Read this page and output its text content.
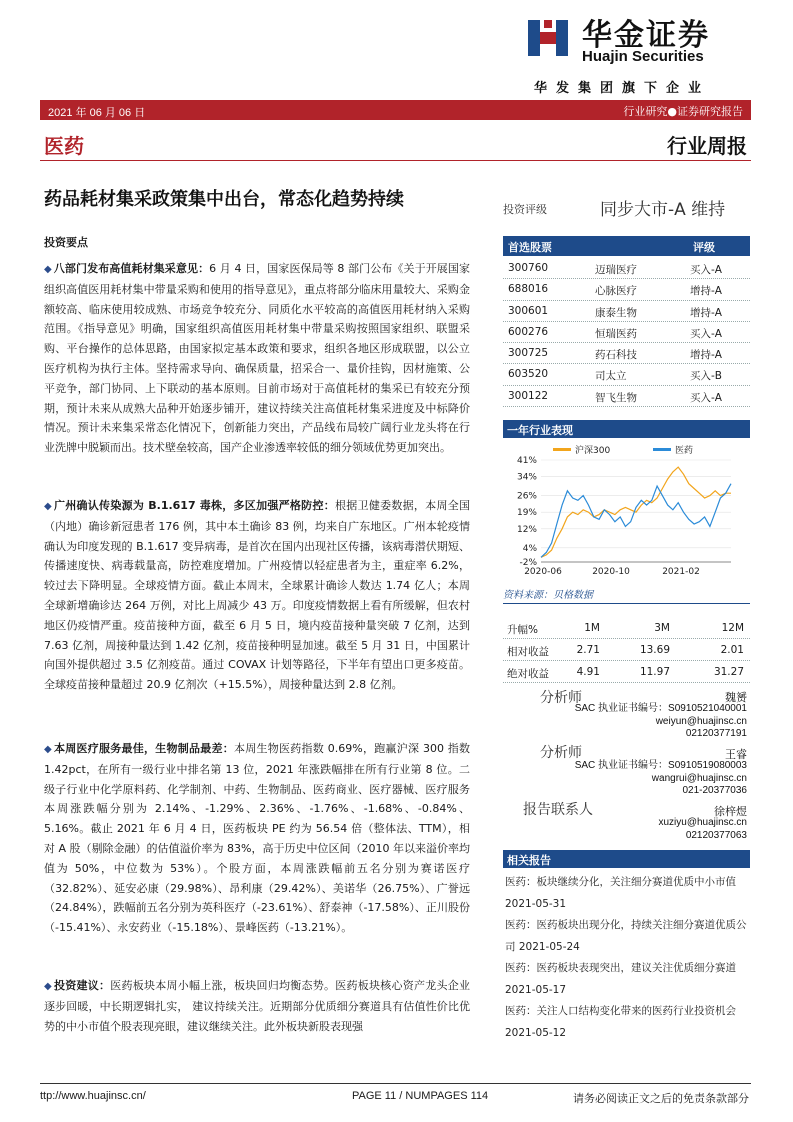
华金证券
Huajin Securities
华发集团旗下企业
2021 年 06 月 06 日	行业研究●证券研究报告
医药	行业周报
药品耗材集采政策集中出台，常态化趋势持续	投资评级	同步大市-A 维持
投资要点
◆ 八部门发布高值耗材集采意见：6 月 4 日，国家医保局等 8 部门公布《关于开展国家组织高值医用耗材集中带量采购和使用的指导意见》，重点将部分临床用量较大、采购金额较高、临床使用较成熟、市场竞争较充分、同质化水平较高的高值医用耗材纳入采购范围。《指导意见》明确，国家组织高值医用耗材集中带量采购按照国家组织、联盟采购、平台操作的总体思路，由国家拟定基本政策和要求，组织各地区形成联盟，以公立医疗机构为执行主体。坚持需求导向、确保质量，招采合一、量价挂钩，因材施策、公平竞争，部门协同、上下联动的基本原则。目前市场对于高值耗材的集采已有较充分预期，预计未来从成熟大品种开始逐步铺开，建议持续关注高值耗材集采进度及中标降价情况。预计未来集采常态化情况下，创新能力突出，产品线布局较广阔行业龙头将在行业洗牌中脱颖而出。技术壁垒较高，国产企业渗透率较低的细分领域优势更加突出。
◆ 广州确认传染源为 B.1.617 毒株，多区加强严格防控：根据卫健委数据，本周全国（内地）确诊新冠患者 176 例，其中本土确诊 83 例，均来自广东地区。广州本轮疫情确认为印度发现的 B.1.617 变异病毒，是首次在国内出现社区传播，该病毒潜伏期短、传播速度快、病毒载量高，防控难度增加。广州疫情以轻症患者为主，重症率 6.2%，较过去下降明显。全球疫情方面。截止本周末，全球累计确诊人数达 1.74 亿人；本周全球新增确诊达 264 万例，对比上周减少 43 万。印度疫情数据上看有所缓解，但农村地区仍疫情严重。疫苗接种方面，截至 6 月 5 日，境内疫苗接种量突破 7 亿剂，达到 7.63 亿剂，周接种量达到 1.42 亿剂，疫苗接种明显加速。截至 5 月 31 日，中国累计向国外提供超过 3.5 亿剂疫苗。通过 COVAX 计划等路径，下半年有望出口更多疫苗。全球疫苗接种量超过 20.9 亿剂次（+15.5%），周接种量达到 2.8 亿剂。
◆ 本周医疗服务最佳，生物制品最差：本周生物医药指数 0.69%，跑赢沪深 300 指数 1.42pct，在所有一级行业中排名第 13 位，2021 年涨跌幅排在所有行业第 8 位。二级子行业中化学原料药、化学制剂、中药、生物制品、医药商业、医疗器械、医疗服务本周涨跌幅分别为 2.14%、-1.29%、2.36%、-1.76%、-1.68%、-0.84%、5.16%。截止 2021 年 6 月 4 日，医药板块 PE 约为 56.54 倍（整体法、TTM），相对 A 股（剔除金融）的估值溢价率为 83%，高于历史中位区间（2010 年以来溢价率均值为 50%，中位数为 53%）。个股方面，本周涨跌幅前五名分别为赛诺医疗（32.82%）、延安必康（29.98%）、昂利康（29.42%）、美诺华（26.75%）、广誉远（24.84%），跌幅前五名分别为英科医疗（-23.61%）、舒泰神（-17.58%）、正川股份（-15.41%）、永安药业（-15.18%）、景峰医药（-13.21%）。
◆ 投资建议：医药板块本周小幅上涨，板块回归均衡态势。医药板块核心资产龙头企业逐步回暖，中长期逻辑扎实， 建议持续关注。近期部分优质细分赛道具有估值性价比优势的中小市值个股表现亮眼，建议继续关注。此外板块新股表现强
首选股票	评级
300760	迈瑞医疗	买入-A
688016	心脉医疗	增持-A
300601	康泰生物	增持-A
600276	恒瑞医药	买入-A
300725	药石科技	增持-A
603520	司太立	买入-B
300122	智飞生物	买入-A
一年行业表现
沪深300	医药
-2%
4%
12%
19%
26%
34%
41%
2020-06	2020-10	2021-02
资料来源：贝格数据
升幅%	1M	3M	12M
相对收益	2.71	13.69	2.01
绝对收益	4.91	11.97	31.27
分析师	魏赟
SAC 执业证书编号：S0910521040001
weiyun@huajinsc.cn
02120377191
分析师	王睿
SAC 执业证书编号：S0910519080003
wangrui@huajinsc.cn
021-20377036
报告联系人	徐梓煜
xuziyu@huajinsc.cn
02120377063
相关报告
医药：板块继续分化，关注细分赛道优质中小市值 2021-05-31
医药：医药板块出现分化，持续关注细分赛道优质公司 2021-05-24
医药：医药板块表现突出，建议关注优质细分赛道 2021-05-17
医药：关注人口结构变化带来的医药行业投资机会 2021-05-12
ttp://www.huajinsc.cn/	PAGE 11 / NUMPAGES 114	请务必阅读正文之后的免责条款部分
